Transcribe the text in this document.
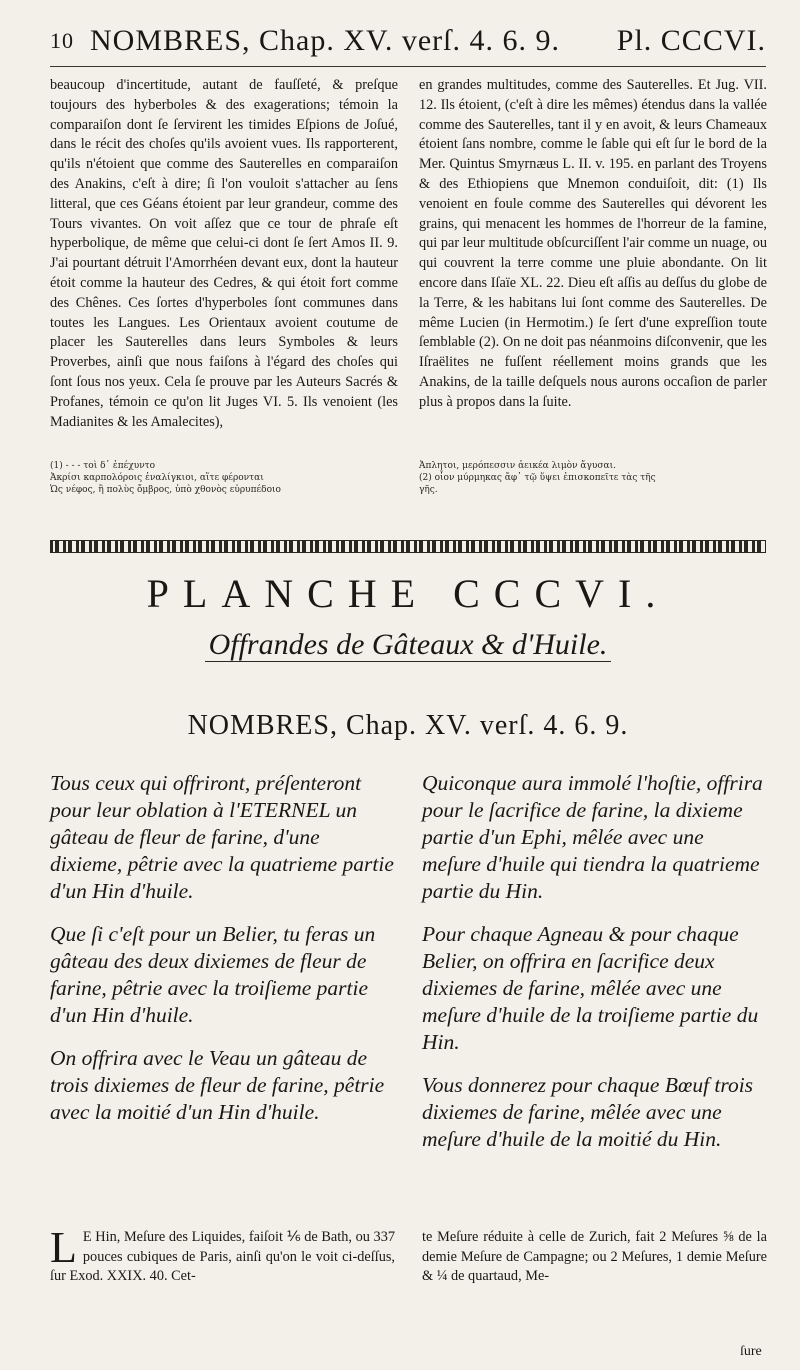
10 NOMBRES, Chap. XV. verſ. 4. 6. 9. Pl. CCCVI.
beaucoup d'incertitude, autant de fauſſeté, & preſque toujours des hyberboles & des exagerations; témoin la comparaiſon dont ſe ſervirent les timides Eſpions de Joſué, dans le récit des choſes qu'ils avoient vues. Ils rapporterent, qu'ils n'étoient que comme des Sauterelles en comparaiſon des Anakins, c'eſt à dire; ſi l'on vouloit s'attacher au ſens litteral, que ces Géans étoient par leur grandeur, comme des Tours vivantes. On voit aſſez que ce tour de phraſe eſt hyperbolique, de même que celui-ci dont ſe ſert Amos II. 9. J'ai pourtant détruit l'Amorrhéen devant eux, dont la hauteur étoit comme la hauteur des Cedres, & qui étoit fort comme des Chênes. Ces ſortes d'hyperboles ſont communes dans toutes les Langues. Les Orientaux avoient coutume de placer les Sauterelles dans leurs Symboles & leurs Proverbes, ainſi que nous faiſons à l'égard des choſes qui ſont ſous nos yeux. Cela ſe prouve par les Auteurs Sacrés & Profanes, témoin ce qu'on lit Juges VI. 5. Ils venoient (les Madianites & les Amalecites),
en grandes multitudes, comme des Sauterelles. Et Jug. VII. 12. Ils étoient, (c'eſt à dire les mêmes) étendus dans la vallée comme des Sauterelles, tant il y en avoit, & leurs Chameaux étoient ſans nombre, comme le ſable qui eſt ſur le bord de la Mer. Quintus Smyrnæus L. II. v. 195. en parlant des Troyens & des Ethiopiens que Mnemon conduiſoit, dit: (1) Ils venoient en foule comme des Sauterelles qui dévorent les grains, qui menacent les hommes de l'horreur de la famine, qui par leur multitude obſcurciſſent l'air comme un nuage, ou qui couvrent la terre comme une pluie abondante. On lit encore dans Iſaïe XL. 22. Dieu eſt aſſis au deſſus du globe de la Terre, & les habitans lui ſont comme des Sauterelles. De même Lucien (in Hermotim.) ſe ſert d'une expreſſion toute ſemblable (2). On ne doit pas néanmoins diſconvenir, que les Iſraëlites ne fuſſent réellement moins grands que les Anakins, de la taille deſquels nous aurons occaſion de parler plus à propos dans la ſuite.

(1) - - - τοὶ δ᾽ ἐπέχυντο

Ἀκρίσι καρπολόροις ἐναλίγκιοι, αἵτε φέρονται

Ὡς νέφος, ἢ πολὺς ὄμβρος, ὑπὸ χθονὸς εὐρυπέδοιο

Ἀπλητοι, μερόπεσσιν ἀεικέα λιμὸν ἄγυσαι.

(2) οἷον μύρμηκας ἄφ᾽ τῷ ὕψει ἐπισκοπεῖτε τὰς τῆς

γῆς.

PLANCHE CCCVI.
Offrandes de Gâteaux & d'Huile.
NOMBRES, Chap. XV. verſ. 4. 6. 9.

Tous ceux qui offriront, préſenteront pour leur oblation à l'ETERNEL un gâteau de fleur de farine, d'une dixieme, pêtrie avec la quatrieme partie d'un Hin d'huile.

Que ſi c'eſt pour un Belier, tu feras un gâteau des deux dixiemes de fleur de farine, pêtrie avec la troiſieme partie d'un Hin d'huile.

On offrira avec le Veau un gâteau de trois dixiemes de fleur de farine, pêtrie avec la moitié d'un Hin d'huile.

Quiconque aura immolé l'hoſtie, offrira pour le ſacrifice de farine, la dixieme partie d'un Ephi, mêlée avec une meſure d'huile qui tiendra la quatrieme partie du Hin.

Pour chaque Agneau & pour chaque Belier, on offrira en ſacrifice deux dixiemes de farine, mêlée avec une meſure d'huile de la troiſieme partie du Hin.

Vous donnerez pour chaque Bœuf trois dixiemes de farine, mêlée avec une meſure d'huile de la moitié du Hin.

L E Hin, Meſure des Liquides, faiſoit ⅙ de Bath, ou 337 pouces cubiques de Paris, ainſi qu'on le voit ci-deſſus, ſur Exod. XXIX. 40. Cet-
te Meſure réduite à celle de Zurich, fait 2 Meſures ⅝ de la demie Meſure de Campagne; ou 2 Meſures, 1 demie Meſure & ¼ de quartaud, Me-
ſure
